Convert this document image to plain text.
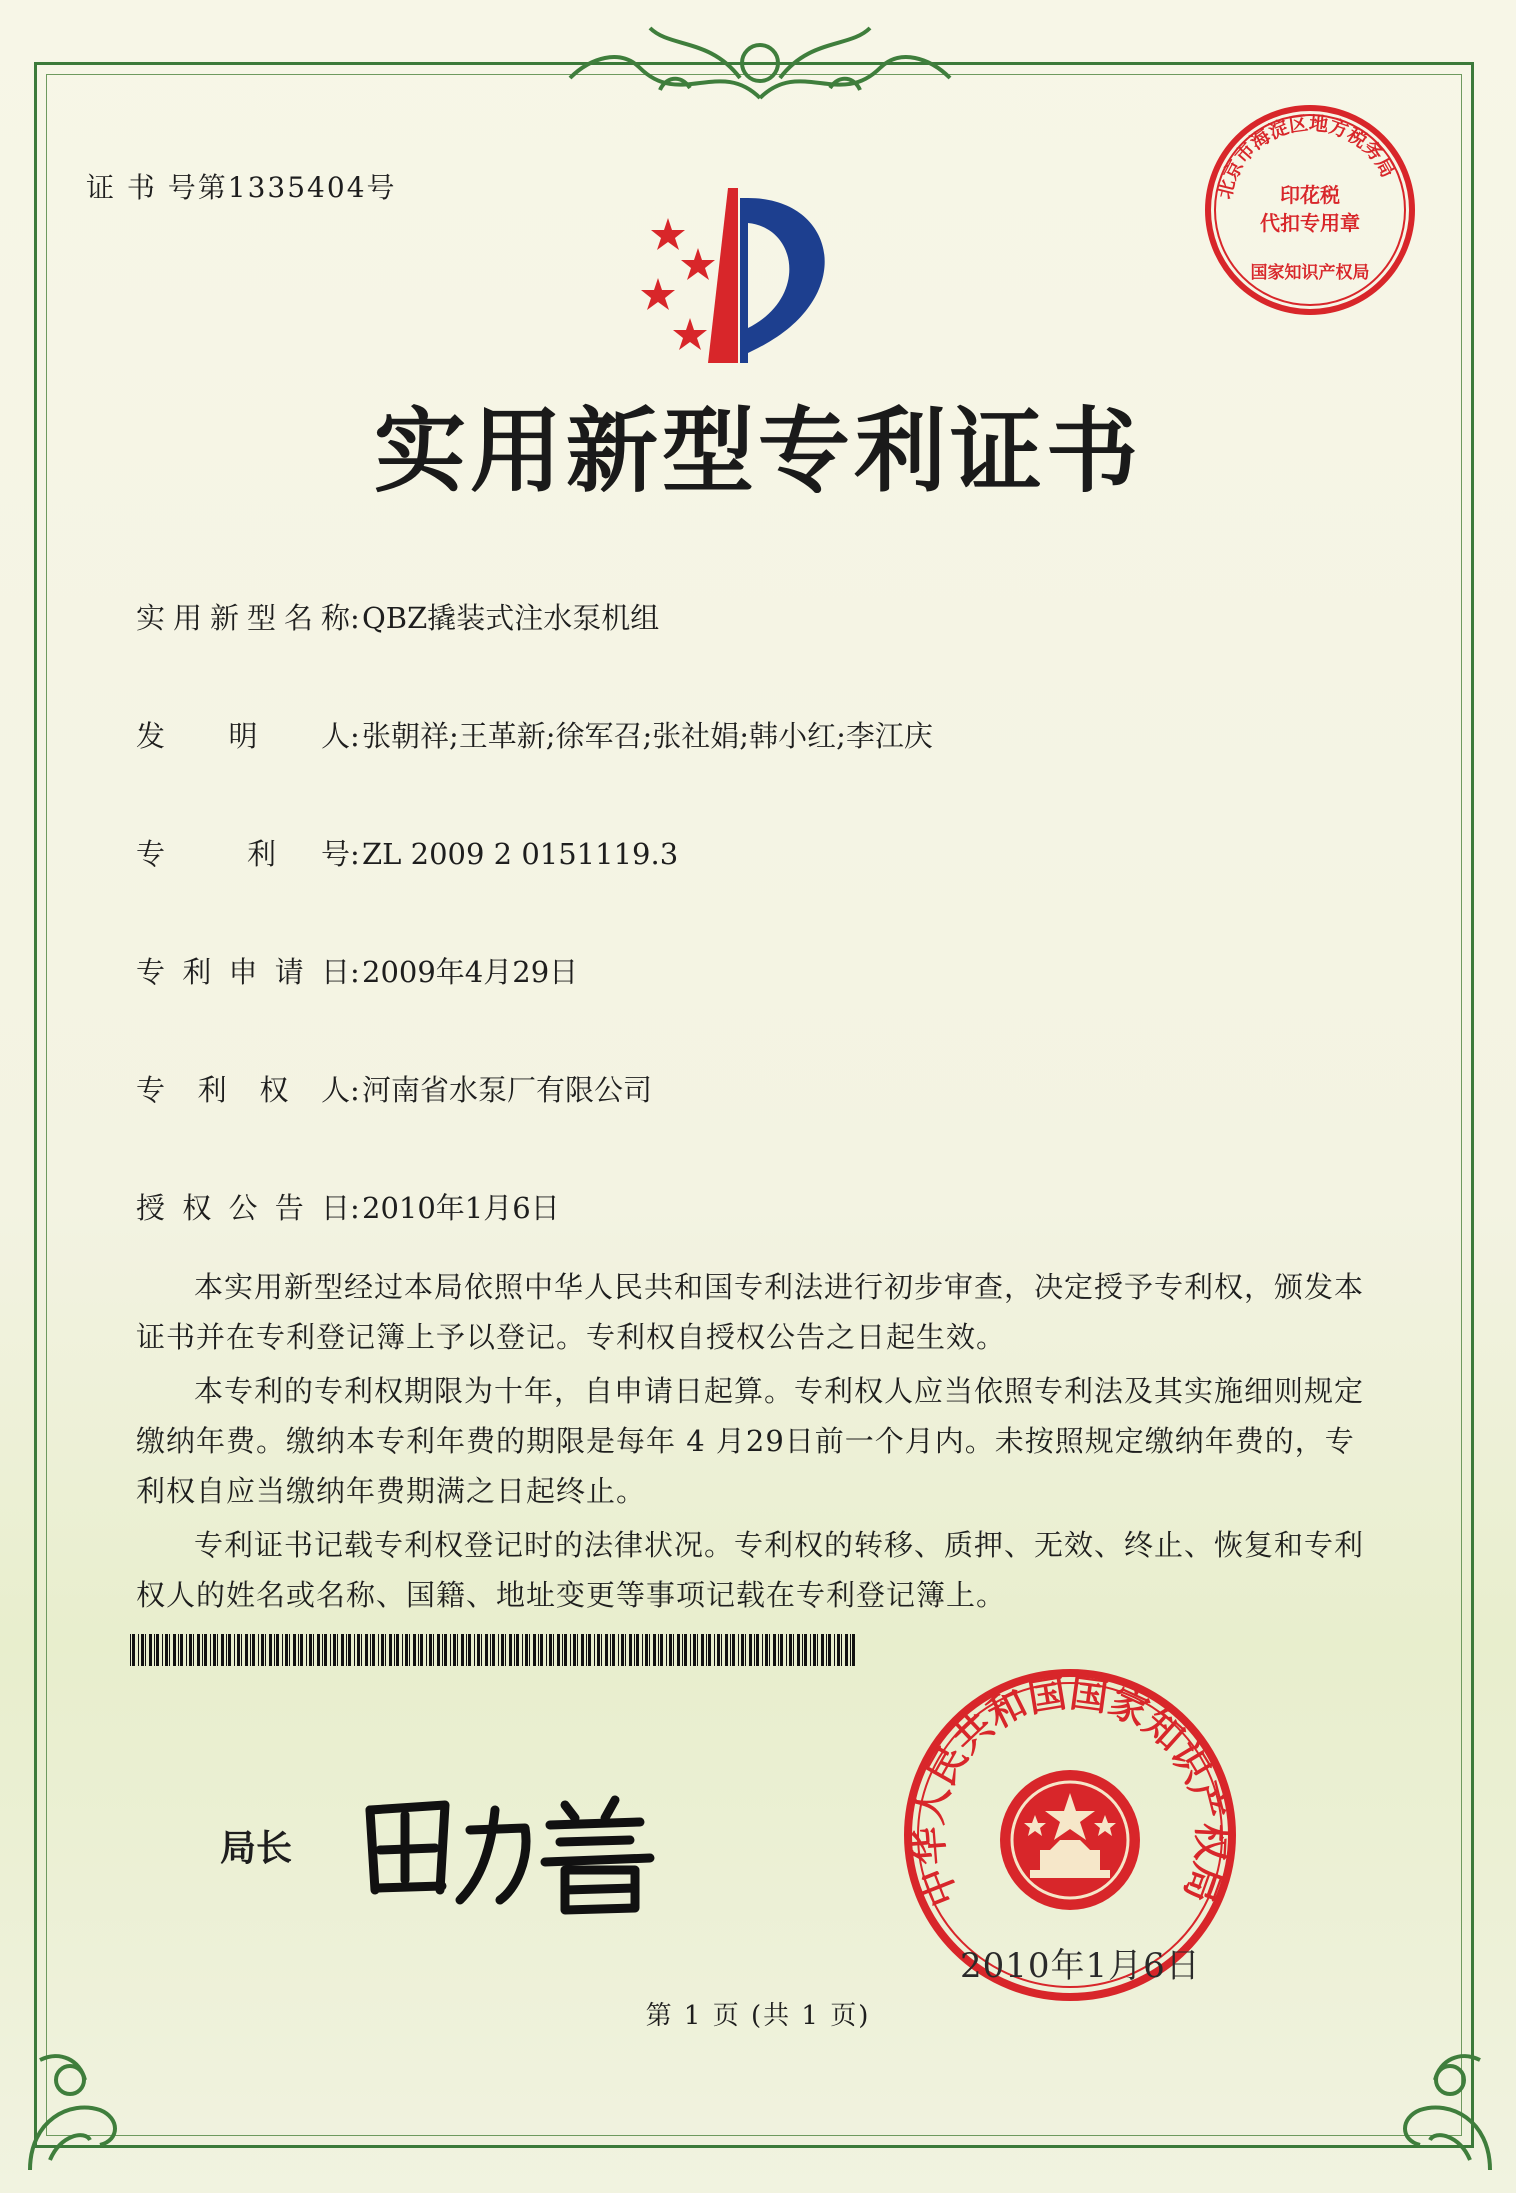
证 书 号第1335404号	北京市海淀区地方税务局
印花税
代扣专用章
国家知识产权局
实用新型专利证书
实用新型名称:QBZ撬装式注水泵机组
发　明　人:张朝祥;王革新;徐军召;张社娟;韩小红;李江庆
专　　利　号:ZL 2009 2 0151119.3
专利申请日:2009年4月29日
专利权人:河南省水泵厂有限公司
授权公告日:2010年1月6日
本实用新型经过本局依照中华人民共和国专利法进行初步审查，决定授予专利权，颁发本证书并在专利登记簿上予以登记。专利权自授权公告之日起生效。
本专利的专利权期限为十年，自申请日起算。专利权人应当依照专利法及其实施细则规定缴纳年费。缴纳本专利年费的期限是每年 4 月29日前一个月内。未按照规定缴纳年费的，专利权自应当缴纳年费期满之日起终止。
专利证书记载专利权登记时的法律状况。专利权的转移、质押、无效、终止、恢复和专利权人的姓名或名称、国籍、地址变更等事项记载在专利登记簿上。
局长
中华人民共和国国家知识产权局
2010年1月6日
第 1 页 (共 1 页)
